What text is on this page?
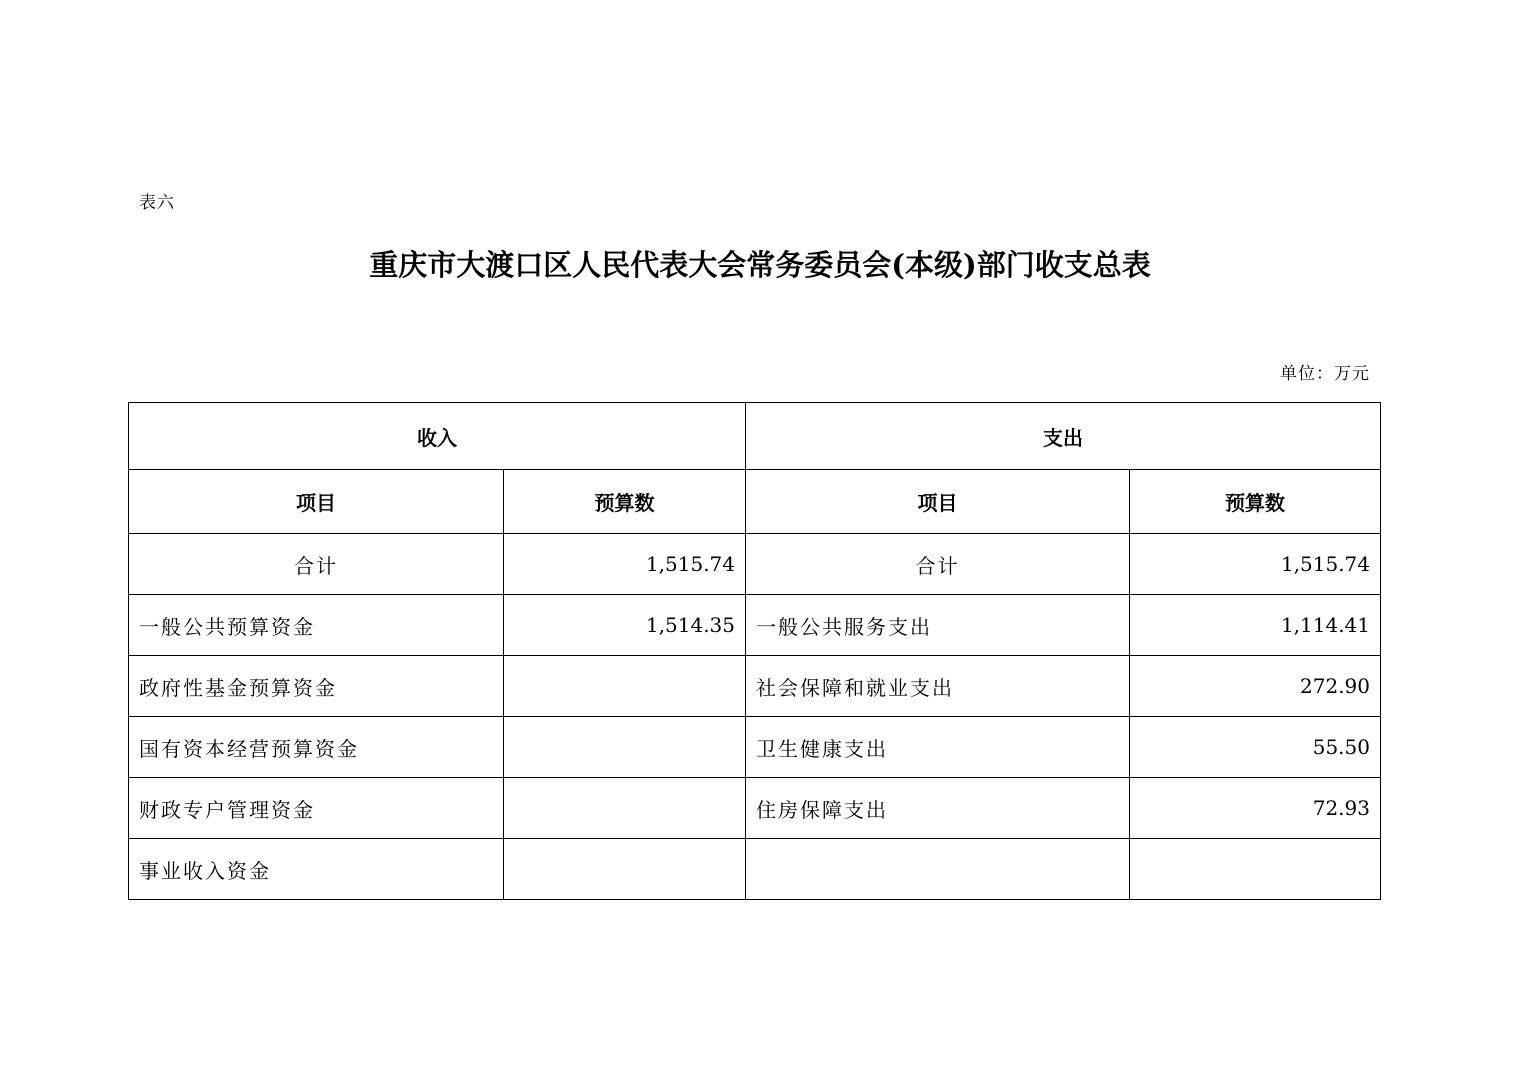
表六
重庆市大渡口区人民代表大会常务委员会(本级)部门收支总表
单位：万元
收入		支出	
项目	预算数	项目	预算数
合计	1,515.74	合计	1,515.74
一般公共预算资金	1,514.35	一般公共服务支出	1,114.41
政府性基金预算资金		社会保障和就业支出	272.90
国有资本经营预算资金		卫生健康支出	55.50
财政专户管理资金		住房保障支出	72.93
事业收入资金			
